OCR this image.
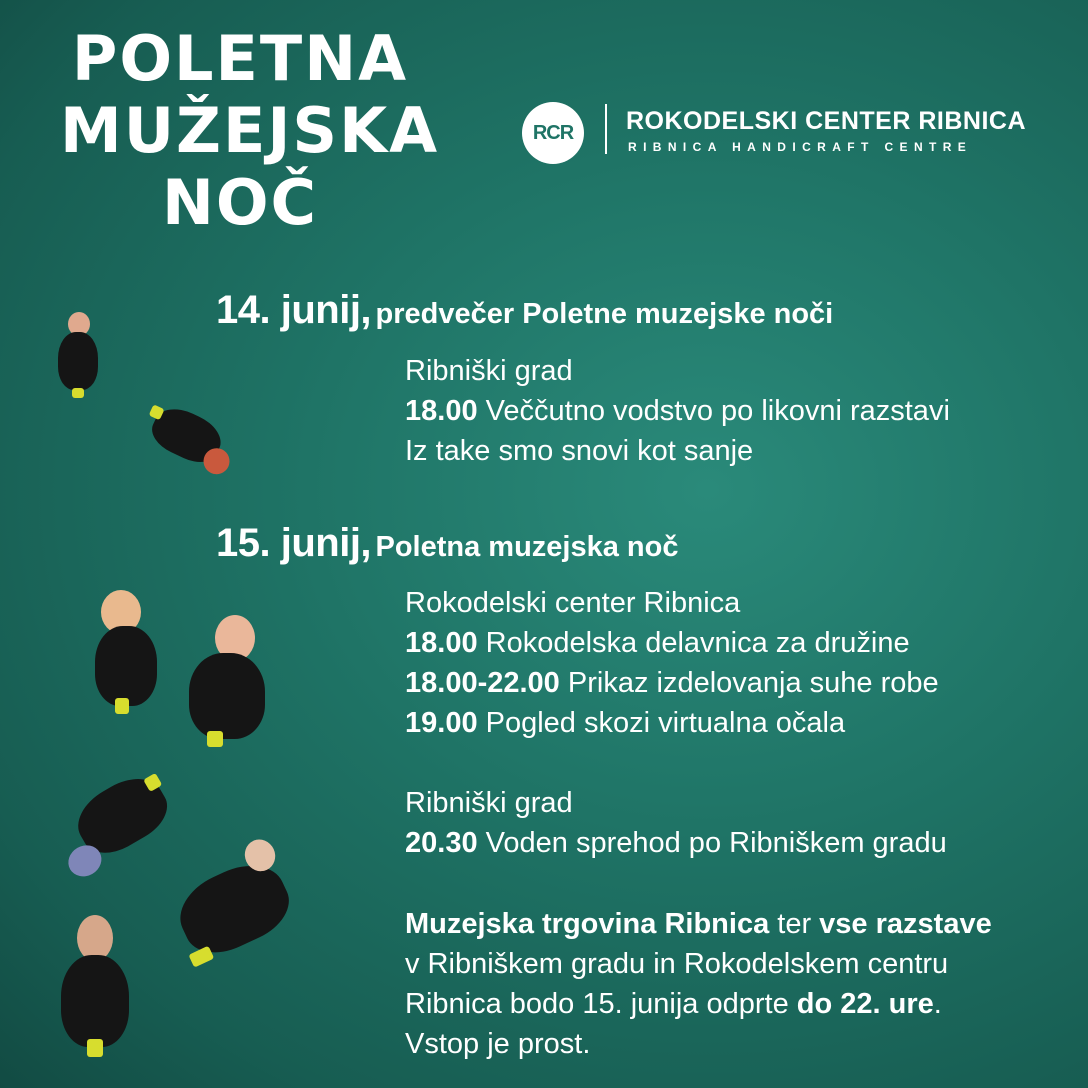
POLETNA
MUŽEJSKA
NOČ
RCR	ROKODELSKI CENTER RIBNICA
RIBNICA HANDICRAFT CENTRE
14. junij, predvečer Poletne muzejske noči
Ribniški grad
18.00 Veččutno vodstvo po likovni razstavi
Iz take smo snovi kot sanje
15. junij, Poletna muzejska noč
Rokodelski center Ribnica
18.00 Rokodelska delavnica za družine
18.00-22.00 Prikaz izdelovanja suhe robe
19.00 Pogled skozi virtualna očala
Ribniški grad
20.30 Voden sprehod po Ribniškem gradu
Muzejska trgovina Ribnica ter vse razstave
v Ribniškem gradu in Rokodelskem centru
Ribnica bodo 15. junija odprte do 22. ure.
Vstop je prost.
